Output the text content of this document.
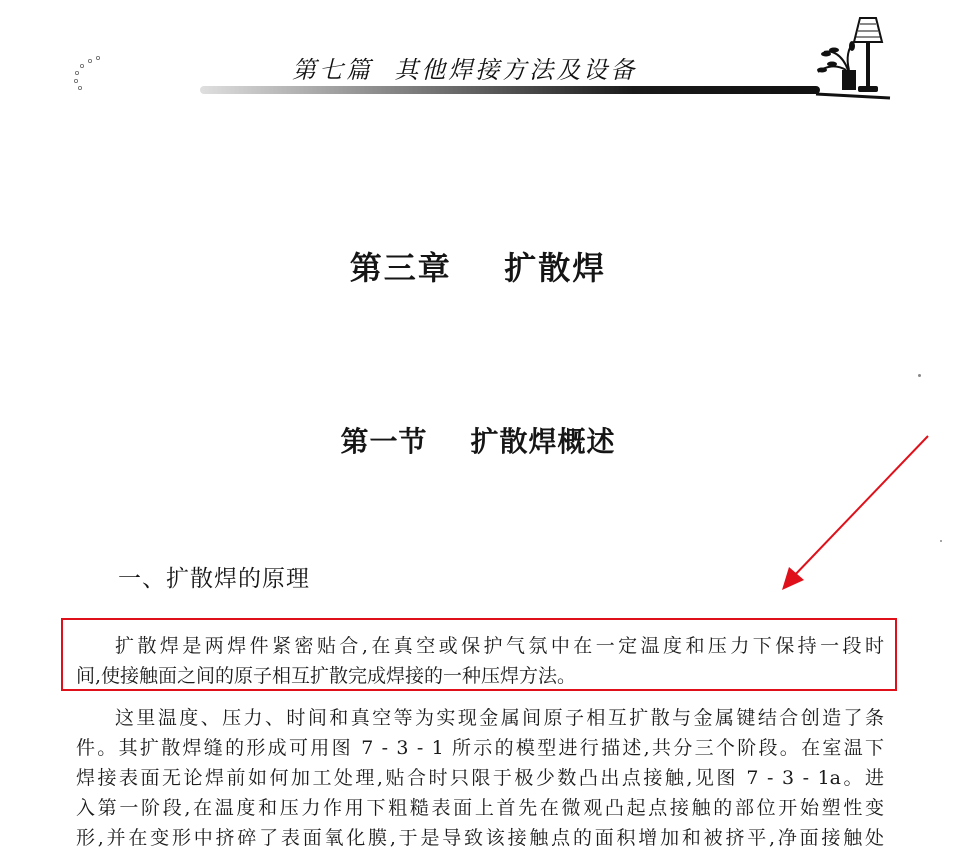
第七篇  其他焊接方法及设备
第三章    扩散焊
第一节    扩散焊概述
一、扩散焊的原理
扩散焊是两焊件紧密贴合,在真空或保护气氛中在一定温度和压力下保持一段时
间,使接触面之间的原子相互扩散完成焊接的一种压焊方法。
这里温度、压力、时间和真空等为实现金属间原子相互扩散与金属键结合创造了条
件。其扩散焊缝的形成可用图 7 - 3 - 1 所示的模型进行描述,共分三个阶段。在室温下
焊接表面无论焊前如何加工处理,贴合时只限于极少数凸出点接触,见图 7 - 3 - 1a。进
入第一阶段,在温度和压力作用下粗糙表面上首先在微观凸起点接触的部位开始塑性变
形,并在变形中挤碎了表面氧化膜,于是导致该接触点的面积增加和被挤平,净面接触处
